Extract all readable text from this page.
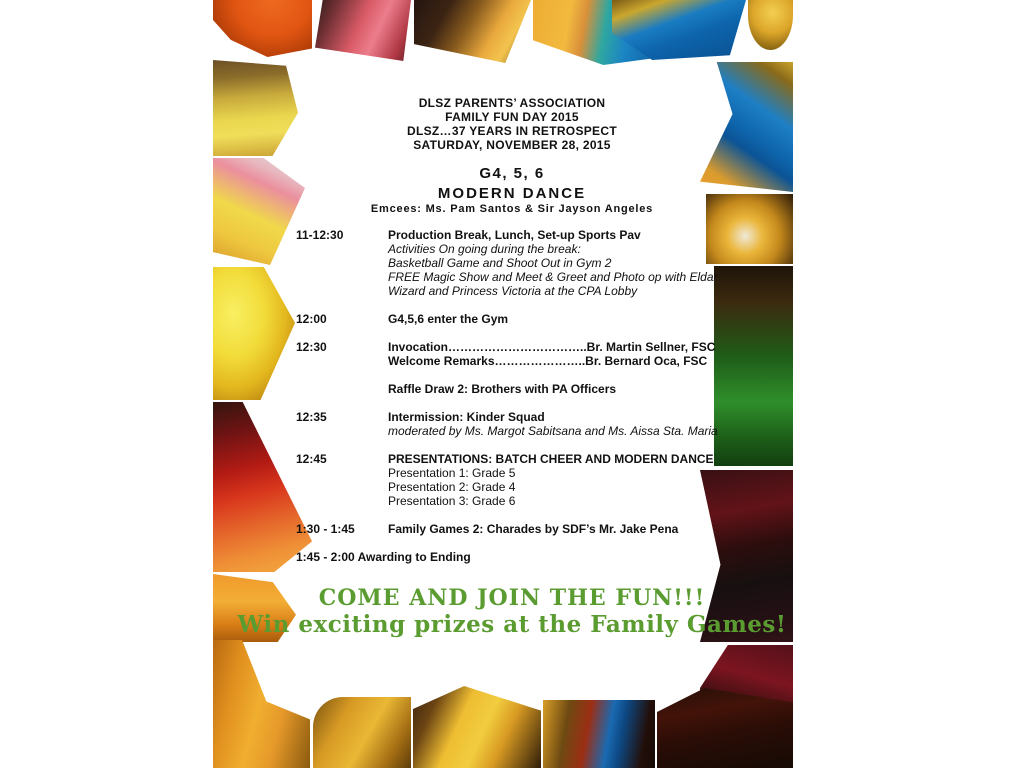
DLSZ PARENTS’ ASSOCIATION
FAMILY FUN DAY 2015
DLSZ…37 YEARS IN RETROSPECT
SATURDAY, NOVEMBER 28, 2015
G4, 5, 6
MODERN DANCE
Emcees: Ms. Pam Santos & Sir Jayson Angeles
11-12:30	Production Break, Lunch, Set-up Sports Pav
Activities On going during the break:
Basketball Game and Shoot Out in Gym 2
FREE Magic Show and Meet & Greet and Photo op with Eldar
Wizard and Princess Victoria at the CPA Lobby
12:00	G4,5,6 enter the Gym
12:30	Invocation……………………………..Br. Martin Sellner, FSC
Welcome Remarks…………………..Br. Bernard Oca, FSC
Raffle Draw 2: Brothers with PA Officers
12:35	Intermission: Kinder Squad
moderated by Ms. Margot Sabitsana and Ms. Aissa Sta. Maria
12:45	PRESENTATIONS: BATCH CHEER AND MODERN DANCE
Presentation 1: Grade 5
Presentation 2: Grade 4
Presentation 3: Grade 6
1:30 - 1:45	Family Games 2: Charades by SDF’s Mr. Jake Pena
1:45 - 2:00 Awarding to Ending
COME AND JOIN THE FUN!!!
Win exciting prizes at the Family Games!
